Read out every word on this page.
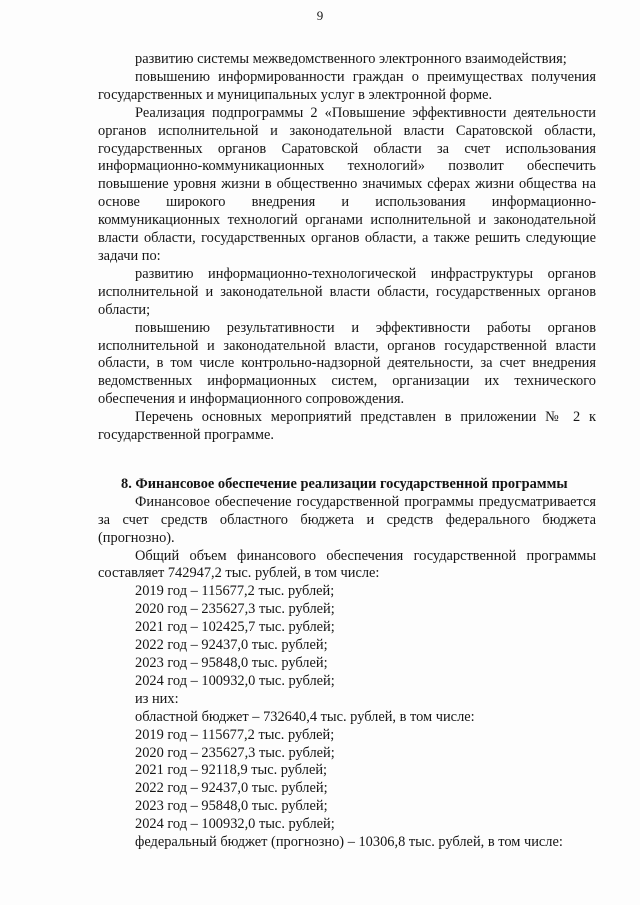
9

развитию системы межведомственного электронного взаимодействия;

повышению информированности граждан о преимуществах получения государственных и муниципальных услуг в электронной форме.

Реализация подпрограммы 2 «Повышение эффективности деятельности органов исполнительной и законодательной власти Саратовской области, государственных органов Саратовской области за счет использования информационно-коммуникационных технологий» позволит обеспечить повышение уровня жизни в общественно значимых сферах жизни общества на основе широкого внедрения и использования информационно-коммуникационных технологий органами исполнительной и законодательной власти области, государственных органов области, а также решить следующие задачи по:

развитию информационно-технологической инфраструктуры органов исполнительной и законодательной власти области, государственных органов области;

повышению результативности и эффективности работы органов исполнительной и законодательной власти, органов государственной власти области, в том числе контрольно-надзорной деятельности, за счет внедрения ведомственных информационных систем, организации их технического обеспечения и информационного сопровождения.

Перечень основных мероприятий представлен в приложении № 2 к государственной программе.

8. Финансовое обеспечение реализации государственной программы

Финансовое обеспечение государственной программы предусматривается за счет средств областного бюджета и средств федерального бюджета (прогнозно).

Общий объем финансового обеспечения государственной программы составляет 742947,2 тыс. рублей, в том числе:

2019 год – 115677,2 тыс. рублей;
2020 год – 235627,3 тыс. рублей;
2021 год – 102425,7 тыс. рублей;
2022 год – 92437,0 тыс. рублей;
2023 год – 95848,0 тыс. рублей;
2024 год – 100932,0 тыс. рублей;
из них:
областной бюджет – 732640,4 тыс. рублей, в том числе:
2019 год – 115677,2 тыс. рублей;
2020 год – 235627,3 тыс. рублей;
2021 год – 92118,9 тыс. рублей;
2022 год – 92437,0 тыс. рублей;
2023 год – 95848,0 тыс. рублей;
2024 год – 100932,0 тыс. рублей;
федеральный бюджет (прогнозно) – 10306,8 тыс. рублей, в том числе:
